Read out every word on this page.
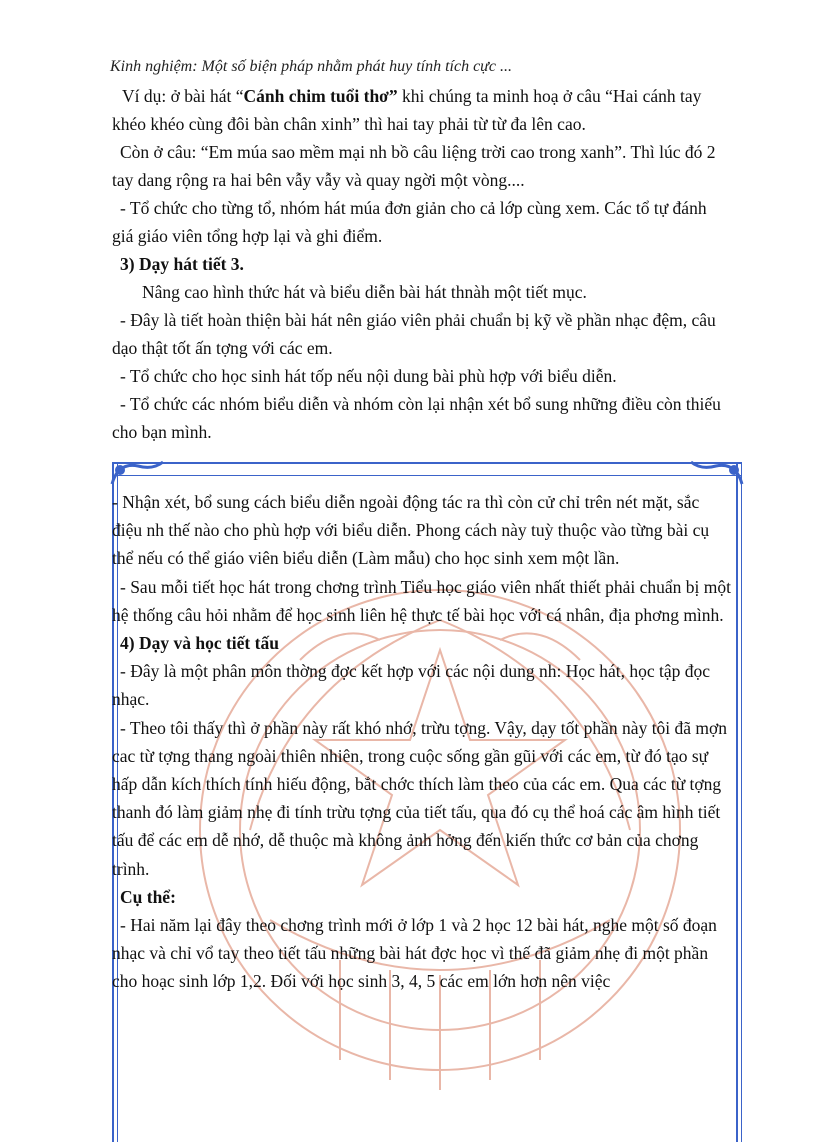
Kinh nghiệm: Một số biện pháp nhằm phát huy tính tích cực ...

Ví dụ: ở bài hát “Cánh chim tuổi thơ” khi chúng ta minh hoạ ở câu “Hai cánh tay khéo khéo cùng đôi bàn chân xinh” thì hai tay phải từ từ đa lên cao.

Còn ở câu: “Em múa sao mềm mại nh bồ câu liệng trời cao trong xanh”. Thì lúc đó 2 tay dang rộng ra hai bên vẫy vẫy và quay ngời một vòng....

- Tổ chức cho từng tổ, nhóm hát múa đơn giản cho cả lớp cùng xem. Các tổ tự đánh giá giáo viên tổng hợp lại và ghi điểm.

3) Dạy hát tiết 3.

Nâng cao hình thức hát và biểu diễn bài hát thnàh một tiết mục.

- Đây là tiết hoàn thiện bài hát nên giáo viên phải chuẩn bị kỹ về phần nhạc đệm, câu dạo thật tốt ấn tợng với các em.

- Tổ chức cho học sinh hát tốp nếu nội dung bài phù hợp với biểu diễn.

- Tổ chức các nhóm biểu diễn và nhóm còn lại nhận xét bổ sung những điều còn thiếu cho bạn mình.

- Nhận xét, bổ sung cách biểu diễn ngoài động tác ra thì còn cử chỉ trên nét mặt, sắc điệu nh thế nào cho phù hợp với biểu diễn. Phong cách này tuỳ thuộc vào từng bài cụ thể nếu có thể giáo viên biểu diễn (Làm mẫu) cho học sinh xem một lần.

- Sau mỗi tiết học hát trong chơng trình Tiểu học giáo viên nhất thiết phải chuẩn bị một hệ thống câu hỏi nhằm để học sinh liên hệ thực tế bài học với cá nhân, địa phơng mình.

4) Dạy và học tiết tấu

- Đây là một phân môn thờng đợc kết hợp với các nội dung nh: Học hát, học tập đọc nhạc.

- Theo tôi thấy thì ở phần này rất khó nhớ, trừu tợng. Vậy, dạy tốt phần này tôi đã mợn cac từ tợng thang ngoài thiên nhiên, trong cuộc sống gần gũi với các em, từ đó tạo sự hấp dẫn kích thích tính hiếu động, bắt chớc thích làm theo của các em. Qua các từ tợng thanh đó làm giảm nhẹ đi tính trừu tợng của tiết tấu, qua đó cụ thể hoá các âm hình tiết tấu để các em dễ nhớ, dễ thuộc mà không ảnh hởng đến kiến thức cơ bản của chơng trình.

Cụ thể:

- Hai năm lại đây theo chơng trình mới ở lớp 1 và 2 học 12 bài hát, nghe một số đoạn nhạc và chỉ vổ tay theo tiết tấu những bài hát đợc học vì thế đã giảm nhẹ đi một phần cho hoạc sinh lớp 1,2. Đối với học sinh 3, 4, 5 các em lớn hơn nên việc
